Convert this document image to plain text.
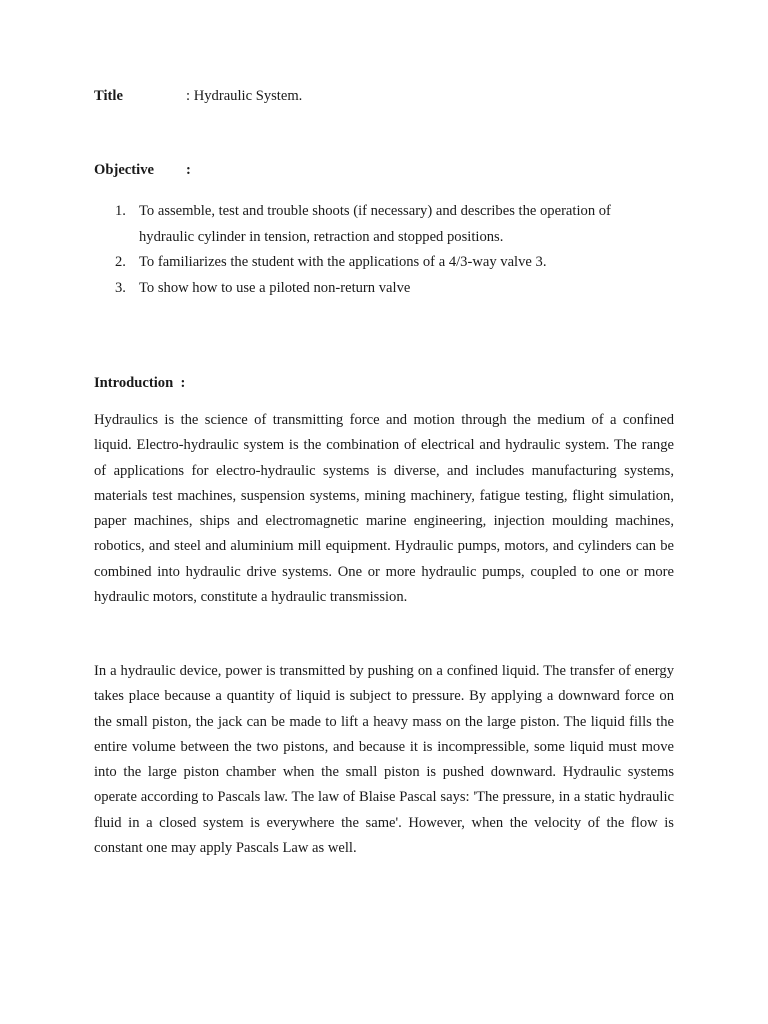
Title	: Hydraulic System.
Objective :
1. To assemble, test and trouble shoots (if necessary) and describes the operation of hydraulic cylinder in tension, retraction and stopped positions.
2. To familiarizes the student with the applications of a 4/3-way valve 3.
3. To show how to use a piloted non-return valve
Introduction :

Hydraulics is the science of transmitting force and motion through the medium of a confined liquid. Electro-hydraulic system is the combination of electrical and hydraulic system. The range of applications for electro-hydraulic systems is diverse, and includes manufacturing systems, materials test machines, suspension systems, mining machinery, fatigue testing, flight simulation, paper machines, ships and electromagnetic marine engineering, injection moulding machines, robotics, and steel and aluminium mill equipment. Hydraulic pumps, motors, and cylinders can be combined into hydraulic drive systems. One or more hydraulic pumps, coupled to one or more hydraulic motors, constitute a hydraulic transmission.

In a hydraulic device, power is transmitted by pushing on a confined liquid. The transfer of energy takes place because a quantity of liquid is subject to pressure. By applying a downward force on the small piston, the jack can be made to lift a heavy mass on the large piston. The liquid fills the entire volume between the two pistons, and because it is incompressible, some liquid must move into the large piston chamber when the small piston is pushed downward. Hydraulic systems operate according to Pascals law. The law of Blaise Pascal says: 'The pressure, in a static hydraulic fluid in a closed system is everywhere the same'. However, when the velocity of the flow is constant one may apply Pascals Law as well.
